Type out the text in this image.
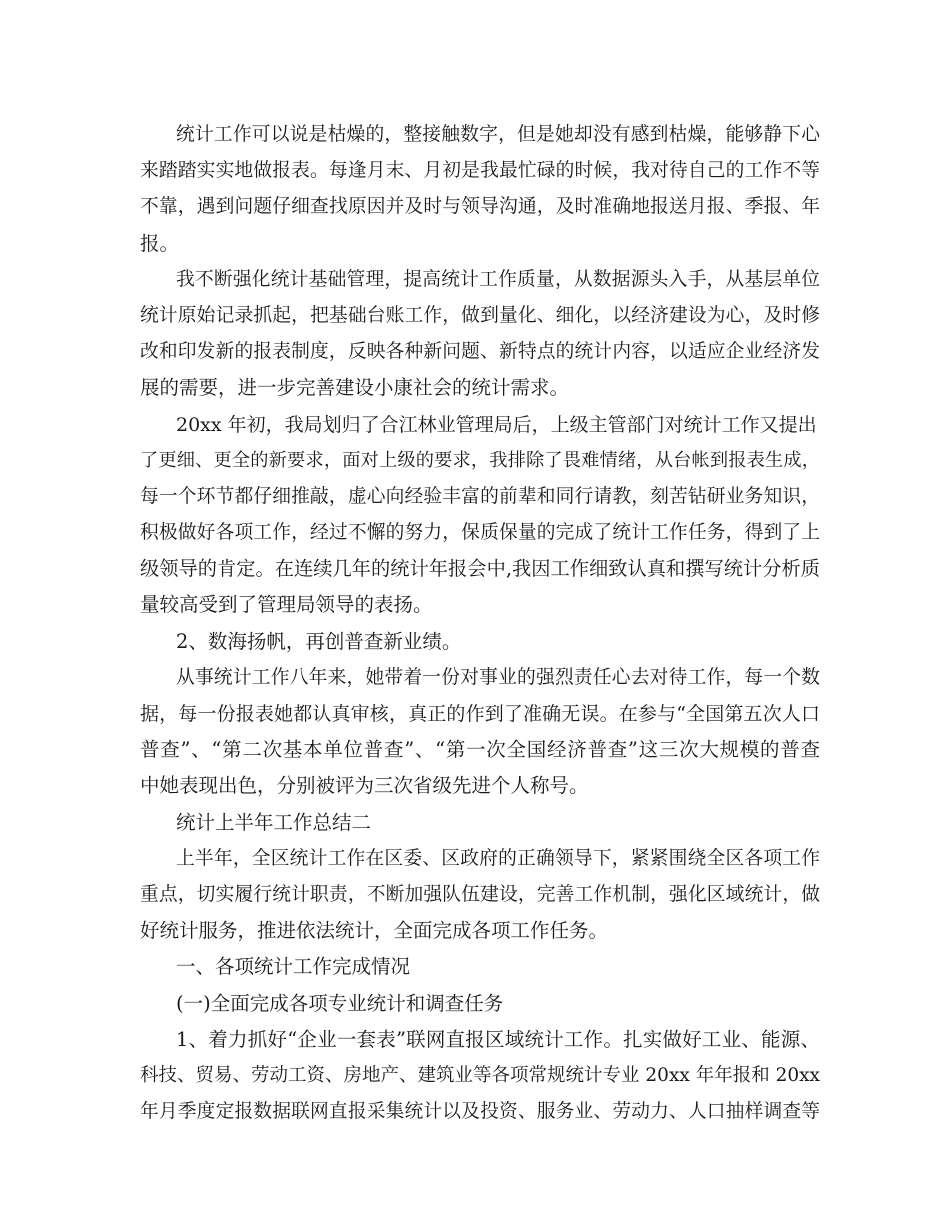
统计工作可以说是枯燥的，整接触数字，但是她却没有感到枯燥，能够静下心
来踏踏实实地做报表。每逢月末、月初是我最忙碌的时候，我对待自己的工作不等
不靠，遇到问题仔细查找原因并及时与领导沟通，及时准确地报送月报、季报、年
报。
我不断强化统计基础管理，提高统计工作质量，从数据源头入手，从基层单位
统计原始记录抓起，把基础台账工作，做到量化、细化，以经济建设为心，及时修
改和印发新的报表制度，反映各种新问题、新特点的统计内容，以适应企业经济发
展的需要，进一步完善建设小康社会的统计需求。
20xx 年初，我局划归了合江林业管理局后，上级主管部门对统计工作又提出
了更细、更全的新要求，面对上级的要求，我排除了畏难情绪，从台帐到报表生成，
每一个环节都仔细推敲，虚心向经验丰富的前辈和同行请教，刻苦钻研业务知识，
积极做好各项工作，经过不懈的努力，保质保量的完成了统计工作任务，得到了上
级领导的肯定。在连续几年的统计年报会中,我因工作细致认真和撰写统计分析质
量较高受到了管理局领导的表扬。
2、数海扬帆，再创普查新业绩。
从事统计工作八年来，她带着一份对事业的强烈责任心去对待工作，每一个数
据，每一份报表她都认真审核，真正的作到了准确无误。在参与“全国第五次人口
普查”、“第二次基本单位普查”、“第一次全国经济普查”这三次大规模的普查
中她表现出色，分别被评为三次省级先进个人称号。
统计上半年工作总结二
上半年，全区统计工作在区委、区政府的正确领导下，紧紧围绕全区各项工作
重点，切实履行统计职责，不断加强队伍建设，完善工作机制，强化区域统计，做
好统计服务，推进依法统计，全面完成各项工作任务。
一、各项统计工作完成情况
(一)全面完成各项专业统计和调查任务
1、着力抓好“企业一套表”联网直报区域统计工作。扎实做好工业、能源、
科技、贸易、劳动工资、房地产、建筑业等各项常规统计专业 20xx 年年报和 20xx
年月季度定报数据联网直报采集统计以及投资、服务业、劳动力、人口抽样调查等
